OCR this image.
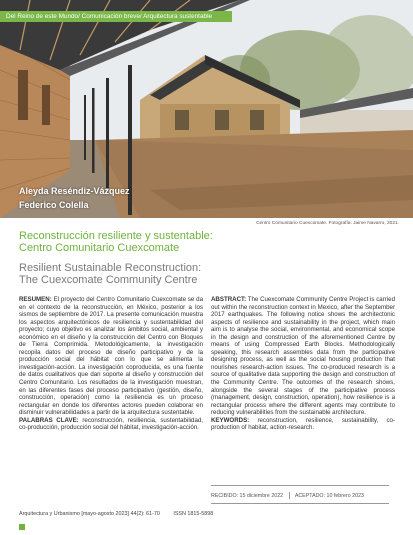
Del Reino de este Mundo/ Comunicación breve/ Arquitectura sustentable
Aleyda Reséndiz-Vázquez
Federico Colella
Centro Comunitario Cuexcomate. Fotografía: Jaime Navarro, 2021.
Reconstrucción resiliente y sustentable:
Centro Comunitario Cuexcomate
Resilient Sustainable Reconstruction:
The Cuexcomate Community Centre

RESUMEN: El proyecto del Centro Comunitario Cuexcomate se da en el contexto de la reconstrucción, en México, posterior a los sismos de septiembre de 2017. La presente comunicación muestra los aspectos arquitectónicos de resiliencia y sustentabilidad del proyecto; cuyo objetivo es analizar los ámbitos social, ambiental y económico en el diseño y la construcción del Centro con Bloques de Tierra Comprimida. Metodológicamente, la investigación recopila datos del proceso de diseño participativo y de la producción social del hábitat con lo que se alimenta la investigación-acción. La investigación coproducida, es una fuente de datos cualitativos que dan soporte al diseño y construcción del Centro Comunitario. Los resultados de la investigación muestran, en las diferentes fases del proceso participativo (gestión, diseño, construcción, operación) como la resiliencia es un proceso rectangular en donde los diferentes actores pueden colaborar en disminuir vulnerabilidades a partir de la arquitectura sustentable.

PALABRAS CLAVE: reconstrucción, resiliencia, sustentabilidad, co-producción, producción social del hábitat, investigación-acción.

ABSTRACT: The Cuexcomate Community Centre Project is carried out within the reconstruction context in Mexico, after the September 2017 earthquakes. The following notice shows the architectonic aspects of resilience and sustainability in the project, which main aim is to analyse the social, environmental, and economical scope in the design and construction of the aforementioned Centre by means of using Compressed Earth Blocks. Methodologically speaking, this research assembles data from the participative designing process, as well as the social housing production that nourishes research-action issues. The co-produced research is a source of qualitative data supporting the design and construction of the Community Centre. The outcomes of the research shows, alongside the several stages of the participative process (management, design, construction, operation), how resilience is a rectangular process where the different agents may contribute to reducing vulnerabilities from the sustainable architecture.

KEYWORDS: reconstruction, resilience, sustainability, co-production of habitat, action-research.

RECIBIDO: 15 diciembre 2022 ACEPTADO: 10 febrero 2023
Arquitectura y Urbanismo [mayo-agosto 2023] 44(2): 61-70	ISSN 1815-5898
